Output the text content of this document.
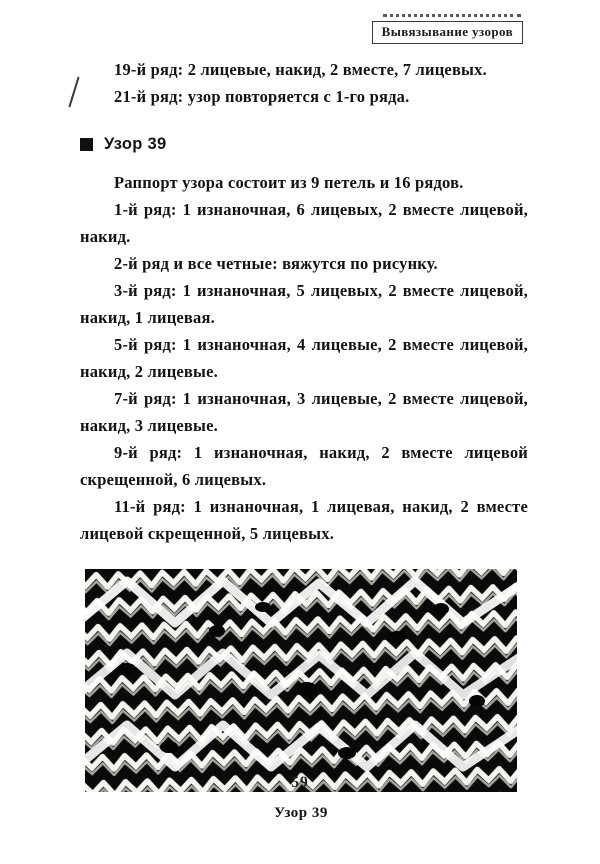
Вывязывание узоров

19-й ряд: 2 лицевые, накид, 2 вместе, 7 лицевых.

21-й ряд: узор повторяется с 1-го ряда.

Узор 39

Раппорт узора состоит из 9 петель и 16 рядов.

1-й ряд: 1 изнаночная, 6 лицевых, 2 вместе лицевой, накид.

2-й ряд и все четные: вяжутся по рисунку.

3-й ряд: 1 изнаночная, 5 лицевых, 2 вместе лицевой, накид, 1 лицевая.

5-й ряд: 1 изнаночная, 4 лицевые, 2 вместе лицевой, накид, 2 лицевые.

7-й ряд: 1 изнаночная, 3 лицевые, 2 вместе лицевой, накид, 3 лицевые.

9-й ряд: 1 изнаночная, накид, 2 вместе лицевой скрещенной, 6 лицевых.

11-й ряд: 1 изнаночная, 1 лицевая, накид, 2 вместе лицевой скрещенной, 5 лицевых.

Узор 39
59
